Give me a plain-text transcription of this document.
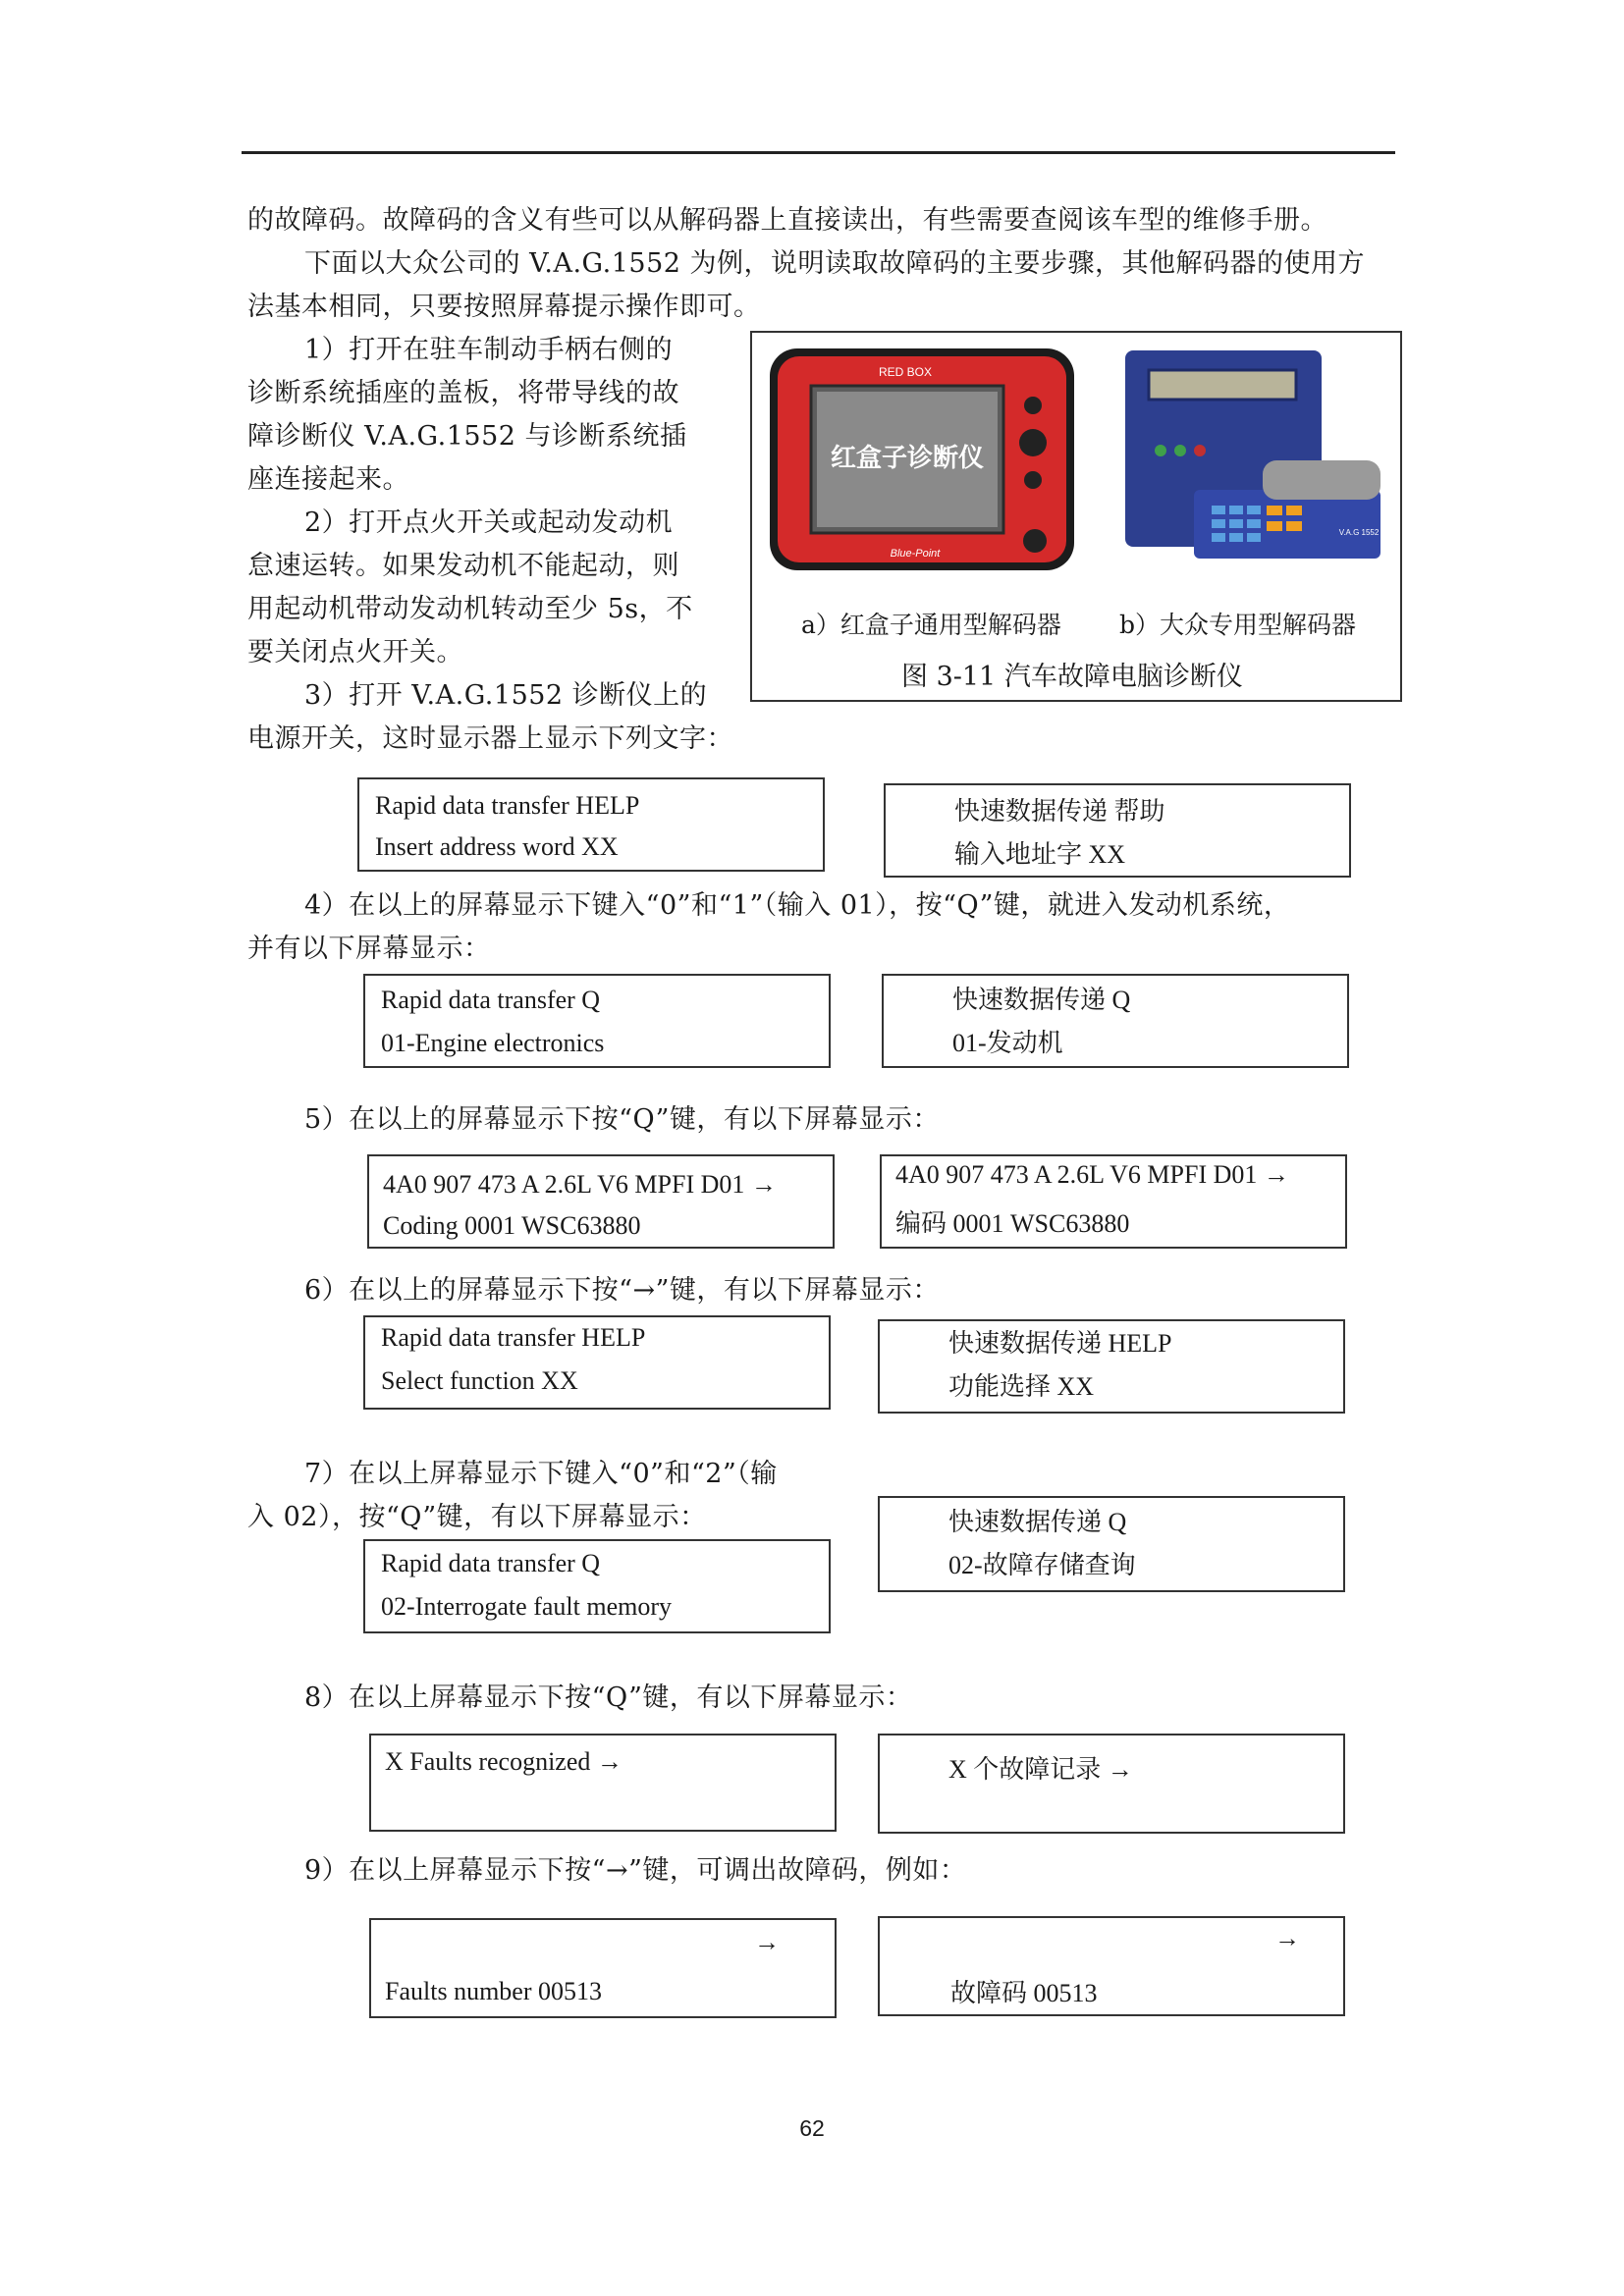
的故障码。故障码的含义有些可以从解码器上直接读出，有些需要查阅该车型的维修手册。
下面以大众公司的 V.A.G.1552 为例，说明读取故障码的主要步骤，其他解码器的使用方
法基本相同，只要按照屏幕提示操作即可。
1）打开在驻车制动手柄右侧的
诊断系统插座的盖板，将带导线的故
障诊断仪 V.A.G.1552 与诊断系统插
座连接起来。
2）打开点火开关或起动发动机
怠速运转。如果发动机不能起动，则
用起动机带动发动机转动至少 5s，不
要关闭点火开关。
3）打开 V.A.G.1552 诊断仪上的
电源开关，这时显示器上显示下列文字：
RED BOX
红盒子诊断仪
Blue-Point
V.A.G 1552
a）红盒子通用型解码器 b）大众专用型解码器
图 3-11 汽车故障电脑诊断仪
Rapid data transfer HELP
Insert address word XX
快速数据传递 帮助
输入地址字 XX
4）在以上的屏幕显示下键入“0”和“1”（输入 01），按“Q”键，就进入发动机系统，
并有以下屏幕显示：
Rapid data transfer Q
01-Engine electronics
快速数据传递 Q
01-发动机
5）在以上的屏幕显示下按“Q”键，有以下屏幕显示：
4A0 907 473 A 2.6L V6 MPFI D01 →
Coding 0001 WSC63880
4A0 907 473 A 2.6L V6 MPFI D01 →
编码 0001 WSC63880
6）在以上的屏幕显示下按“→”键，有以下屏幕显示：
Rapid data transfer HELP
Select function XX
快速数据传递 HELP
功能选择 XX
7）在以上屏幕显示下键入“0”和“2”（输
入 02），按“Q”键，有以下屏幕显示：
Rapid data transfer Q
02-Interrogate fault memory
快速数据传递 Q
02-故障存储查询
8）在以上屏幕显示下按“Q”键，有以下屏幕显示：
X Faults recognized →	X 个故障记录 →
9）在以上屏幕显示下按“→”键，可调出故障码，例如：
→
Faults number 00513
→
故障码 00513
62
